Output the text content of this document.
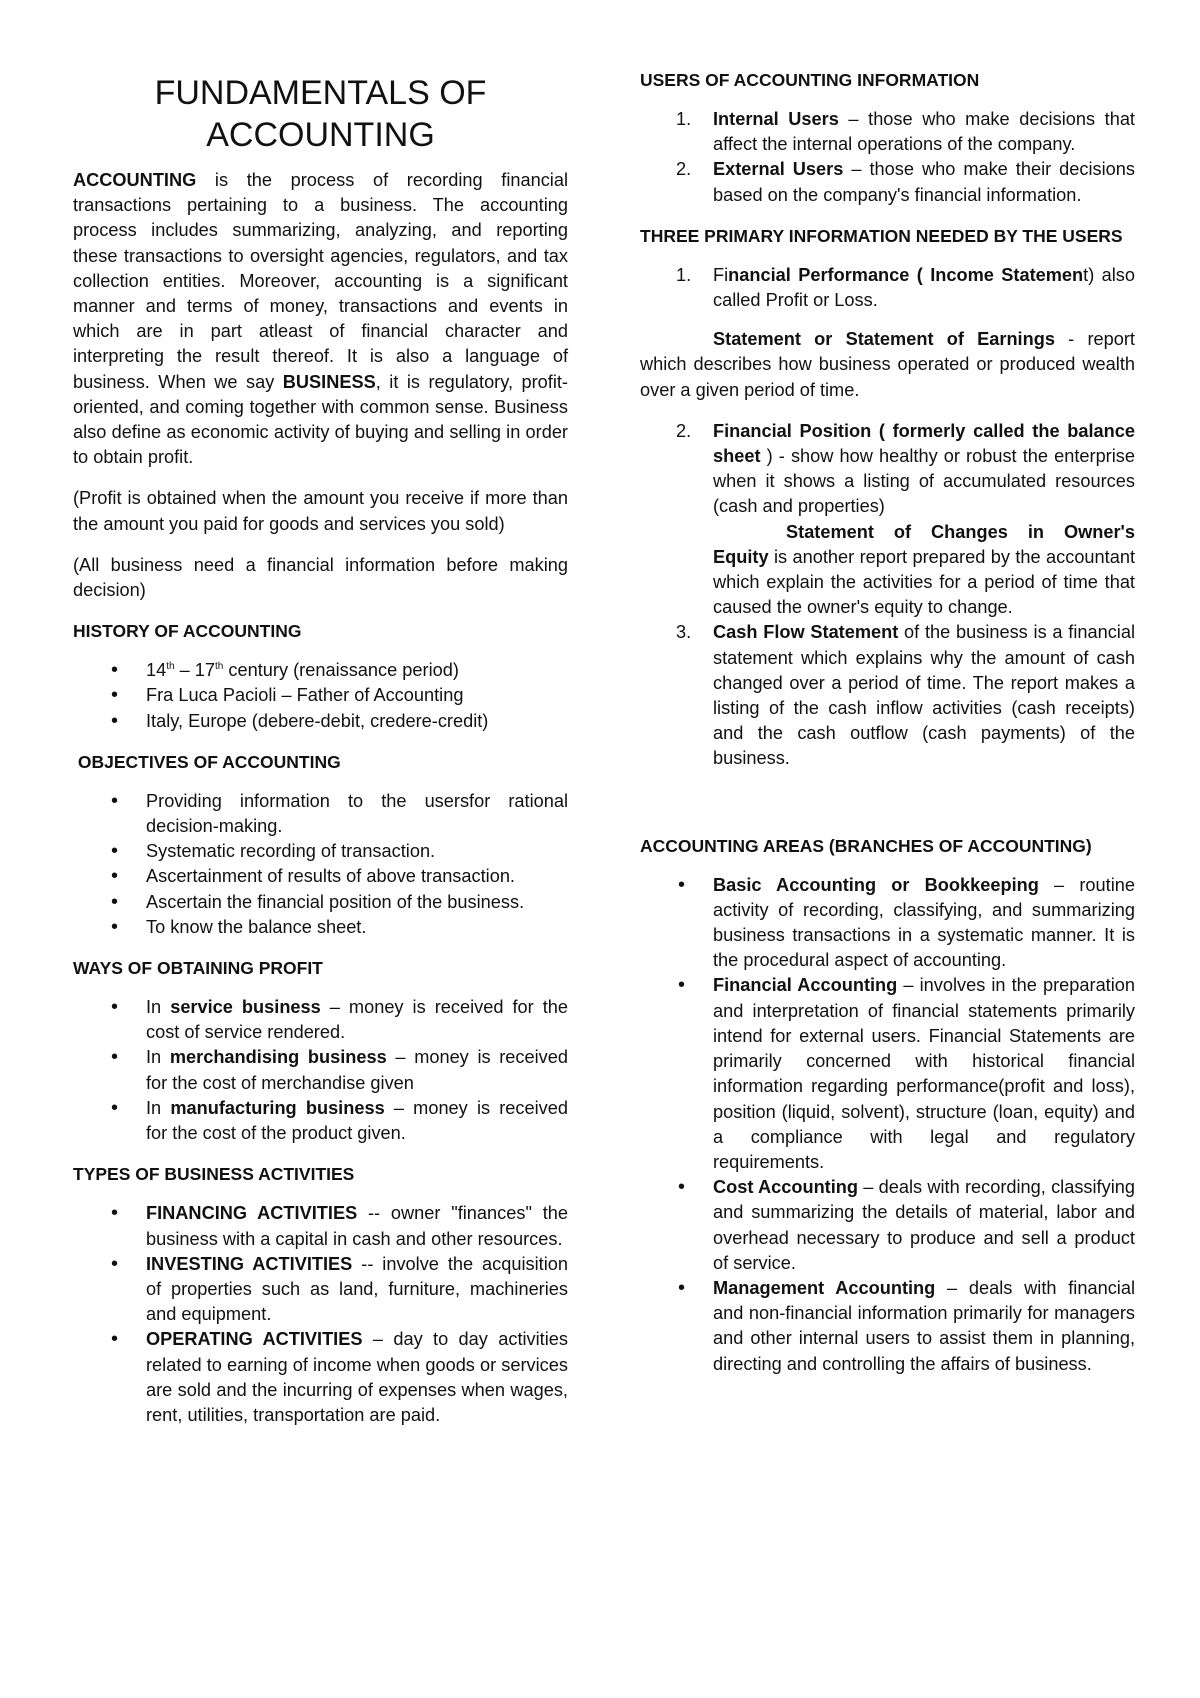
FUNDAMENTALS OF
ACCOUNTING

ACCOUNTING is the process of recording financial transactions pertaining to a business. The accounting process includes summarizing, analyzing, and reporting these transactions to oversight agencies, regulators, and tax collection entities. Moreover, accounting is a significant manner and terms of money, transactions and events in which are in part atleast of financial character and interpreting the result thereof. It is also a language of business. When we say BUSINESS, it is regulatory, profit-oriented, and coming together with common sense. Business also define as economic activity of buying and selling in order to obtain profit.

(Profit is obtained when the amount you receive if more than the amount you paid for goods and services you sold)

(All business need a financial information before making decision)

HISTORY OF ACCOUNTING
• 14th – 17th century (renaissance period)
• Fra Luca Pacioli – Father of Accounting
• Italy, Europe (debere-debit, credere-credit)
OBJECTIVES OF ACCOUNTING
• Providing information to the usersfor rational decision-making.
• Systematic recording of transaction.
• Ascertainment of results of above transaction.
• Ascertain the financial position of the business.
• To know the balance sheet.
WAYS OF OBTAINING PROFIT
• In service business – money is received for the cost of service rendered.
• In merchandising business – money is received for the cost of merchandise given
• In manufacturing business – money is received for the cost of the product given.
TYPES OF BUSINESS ACTIVITIES
• FINANCING ACTIVITIES -- owner "finances" the business with a capital in cash and other resources.
• INVESTING ACTIVITIES -- involve the acquisition of properties such as land, furniture, machineries and equipment.
• OPERATING ACTIVITIES – day to day activities related to earning of income when goods or services are sold and the incurring of expenses when wages, rent, utilities, transportation are paid.
USERS OF ACCOUNTING INFORMATION
1. Internal Users – those who make decisions that affect the internal operations of the company.
2. External Users – those who make their decisions based on the company's financial information.
THREE PRIMARY INFORMATION NEEDED BY THE USERS
1. Financial Performance ( Income Statement) also called Profit or Loss.

Statement or Statement of Earnings - report which describes how business operated or produced wealth over a given period of time.

2. Financial Position ( formerly called the balance sheet ) - show how healthy or robust the enterprise when it shows a listing of accumulated resources (cash and properties)
Statement of Changes in Owner's Equity is another report prepared by the accountant which explain the activities for a period of time that caused the owner's equity to change.
3. Cash Flow Statement of the business is a financial statement which explains why the amount of cash changed over a period of time. The report makes a listing of the cash inflow activities (cash receipts) and the cash outflow (cash payments) of the business.
ACCOUNTING AREAS (BRANCHES OF ACCOUNTING)
• Basic Accounting or Bookkeeping – routine activity of recording, classifying, and summarizing business transactions in a systematic manner. It is the procedural aspect of accounting.
• Financial Accounting – involves in the preparation and interpretation of financial statements primarily intend for external users. Financial Statements are primarily concerned with historical financial information regarding performance(profit and loss), position (liquid, solvent), structure (loan, equity) and a compliance with legal and regulatory requirements.
• Cost Accounting – deals with recording, classifying and summarizing the details of material, labor and overhead necessary to produce and sell a product of service.
• Management Accounting – deals with financial and non-financial information primarily for managers and other internal users to assist them in planning, directing and controlling the affairs of business.
